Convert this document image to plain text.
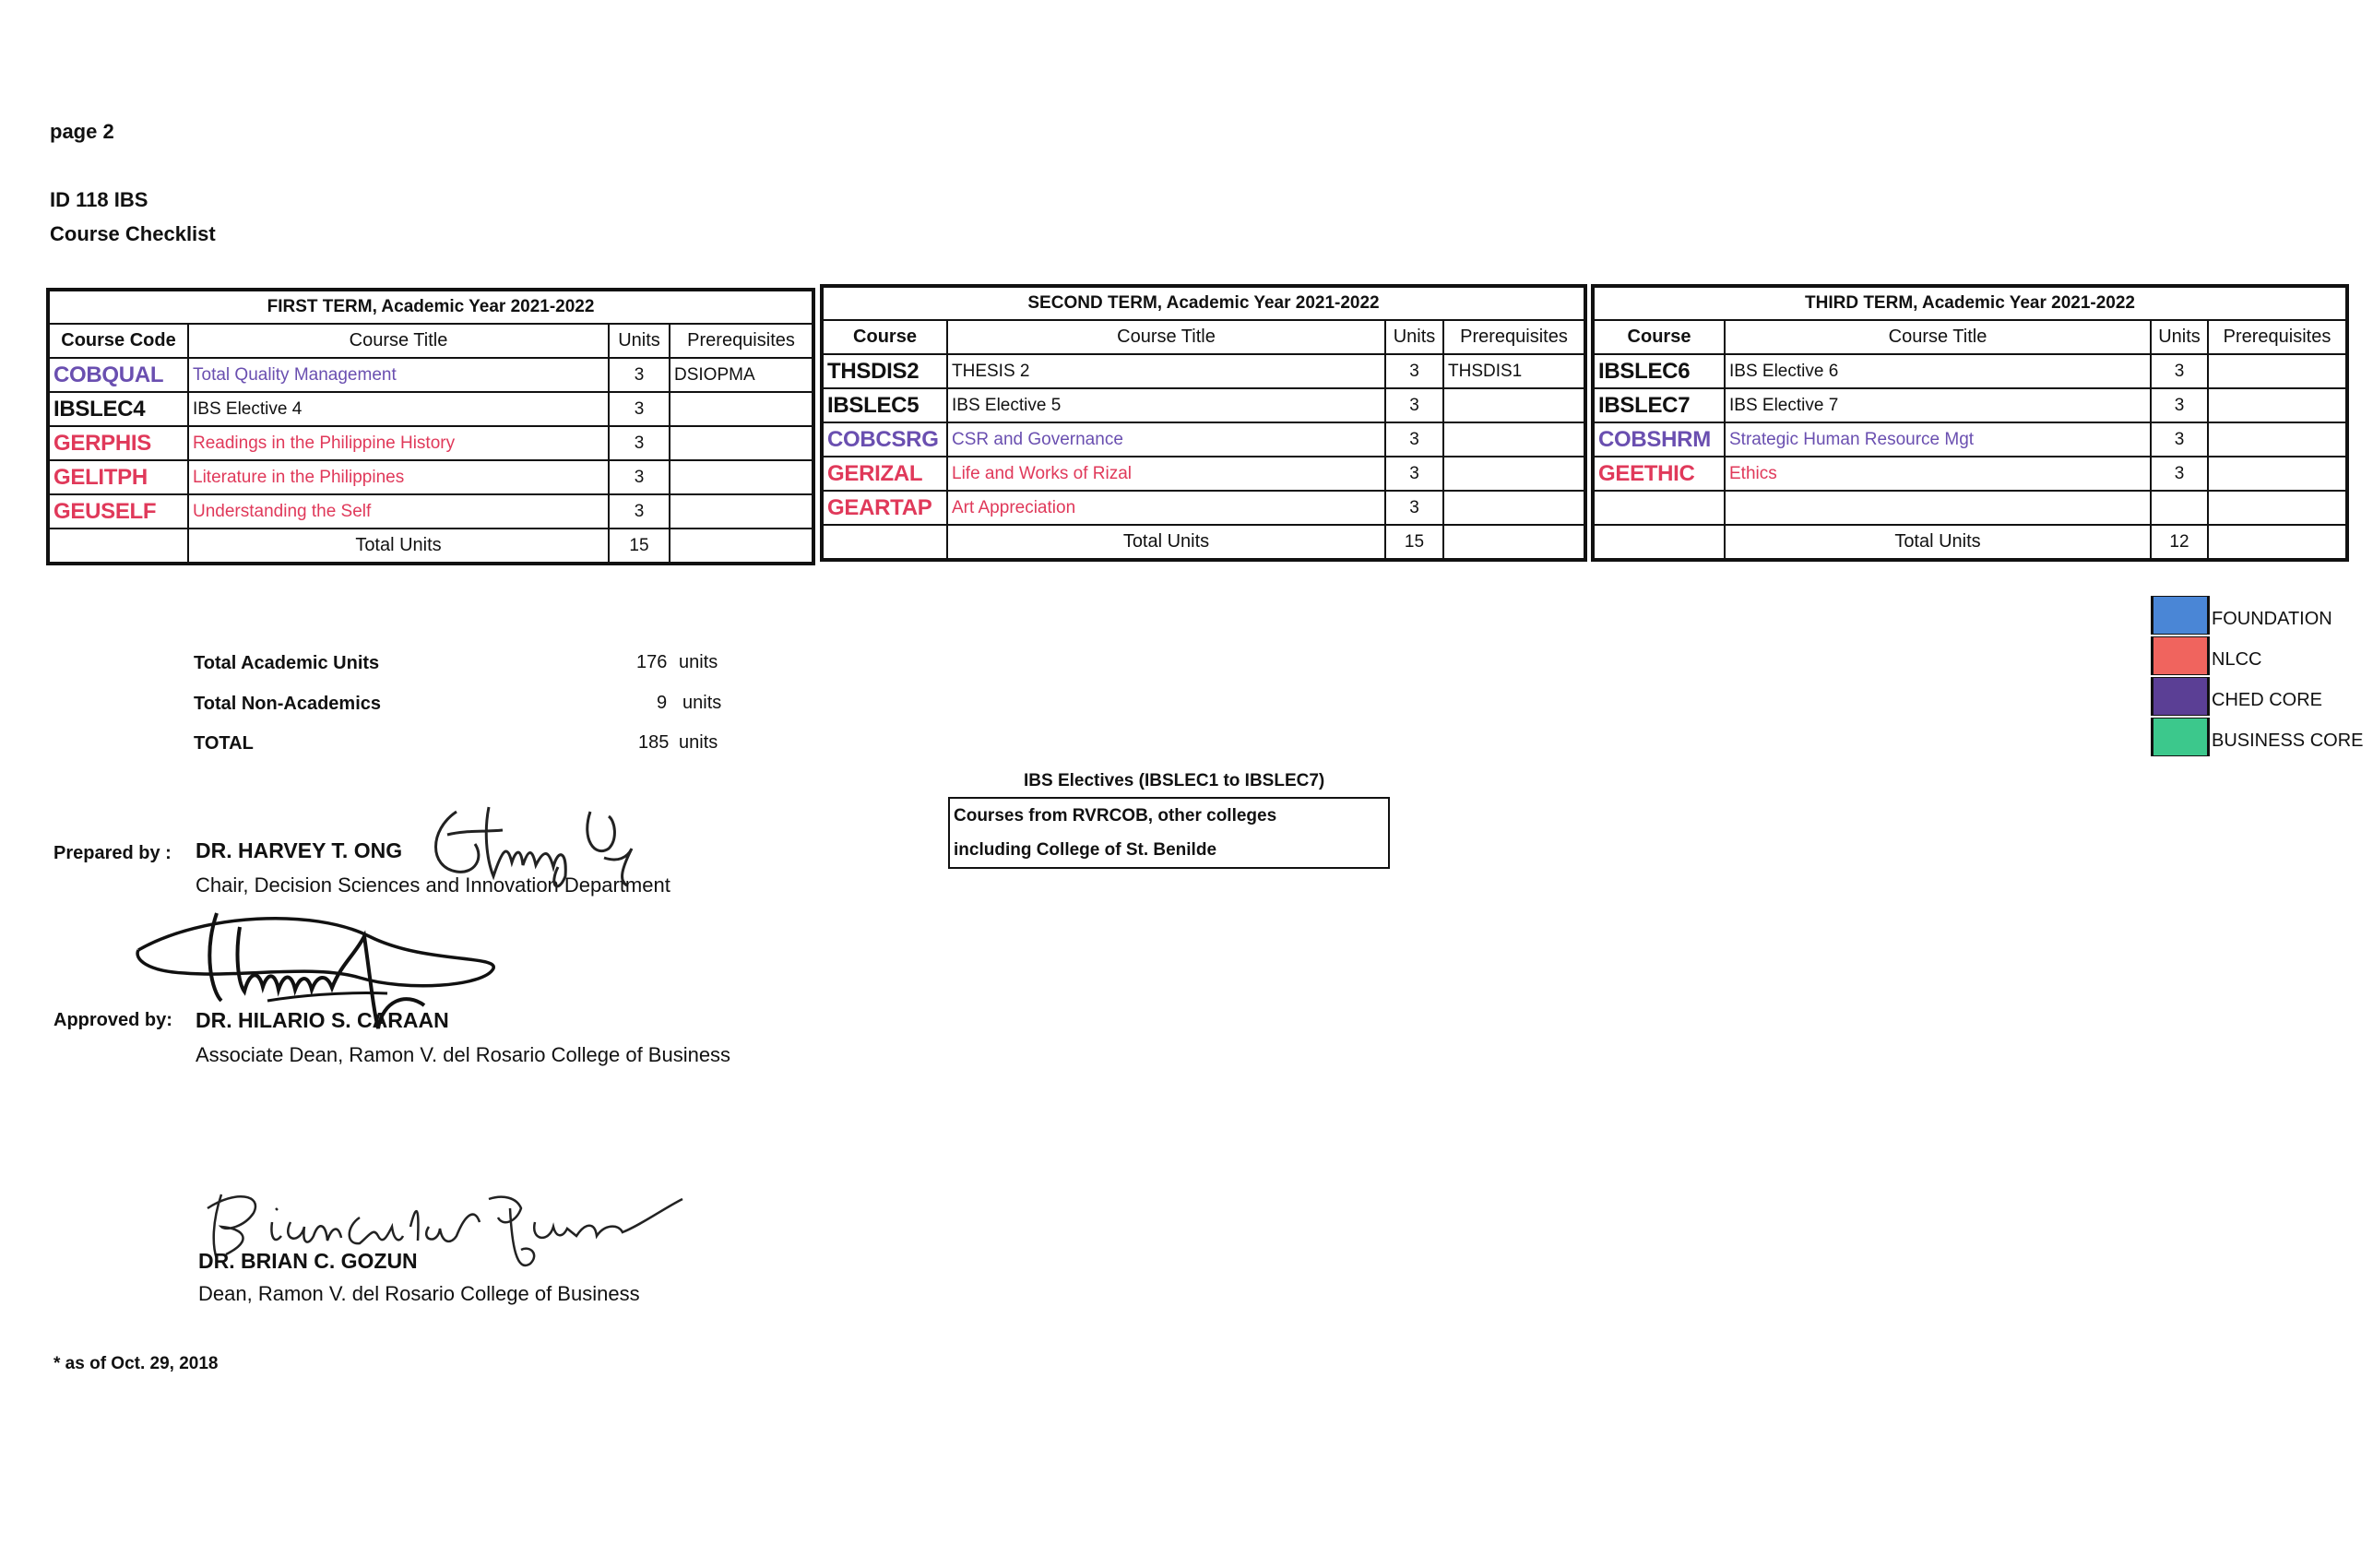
page 2
ID 118 IBS
Course Checklist
FIRST TERM, Academic Year 2021-2022			
Course Code	Course Title	Units	Prerequisites
COBQUAL	Total Quality Management	3	DSIOPMA
IBSLEC4	IBS Elective 4	3	
GERPHIS	Readings in the Philippine History	3	
GELITPH	Literature in the Philippines	3	
GEUSELF	Understanding the Self	3	
	Total Units	15	
SECOND TERM, Academic Year 2021-2022			
Course	Course Title	Units	Prerequisites
THSDIS2	THESIS 2	3	THSDIS1
IBSLEC5	IBS Elective 5	3	
COBCSRG	CSR and Governance	3	
GERIZAL	Life and Works of Rizal	3	
GEARTAP	Art Appreciation	3	
	Total Units	15	
THIRD TERM, Academic Year 2021-2022			
Course	Course Title	Units	Prerequisites
IBSLEC6	IBS Elective 6	3	
IBSLEC7	IBS Elective 7	3	
COBSHRM	Strategic Human Resource Mgt	3	
GEETHIC	Ethics	3	

	Total Units	12	
Total Academic Units	176 units
Total Non-Academics	9 units
TOTAL	185 units
FOUNDATION
NLCC
CHED CORE
BUSINESS CORE
IBS Electives (IBSLEC1 to IBSLEC7)
Courses from RVRCOB, other colleges
including College of St. Benilde
Prepared by : DR. HARVEY T. ONG
Chair, Decision Sciences and Innovation Department
Approved by: DR. HILARIO S. CARAAN
Associate Dean, Ramon V. del Rosario College of Business
DR. BRIAN C. GOZUN
Dean, Ramon V. del Rosario College of Business
* as of Oct. 29, 2018
